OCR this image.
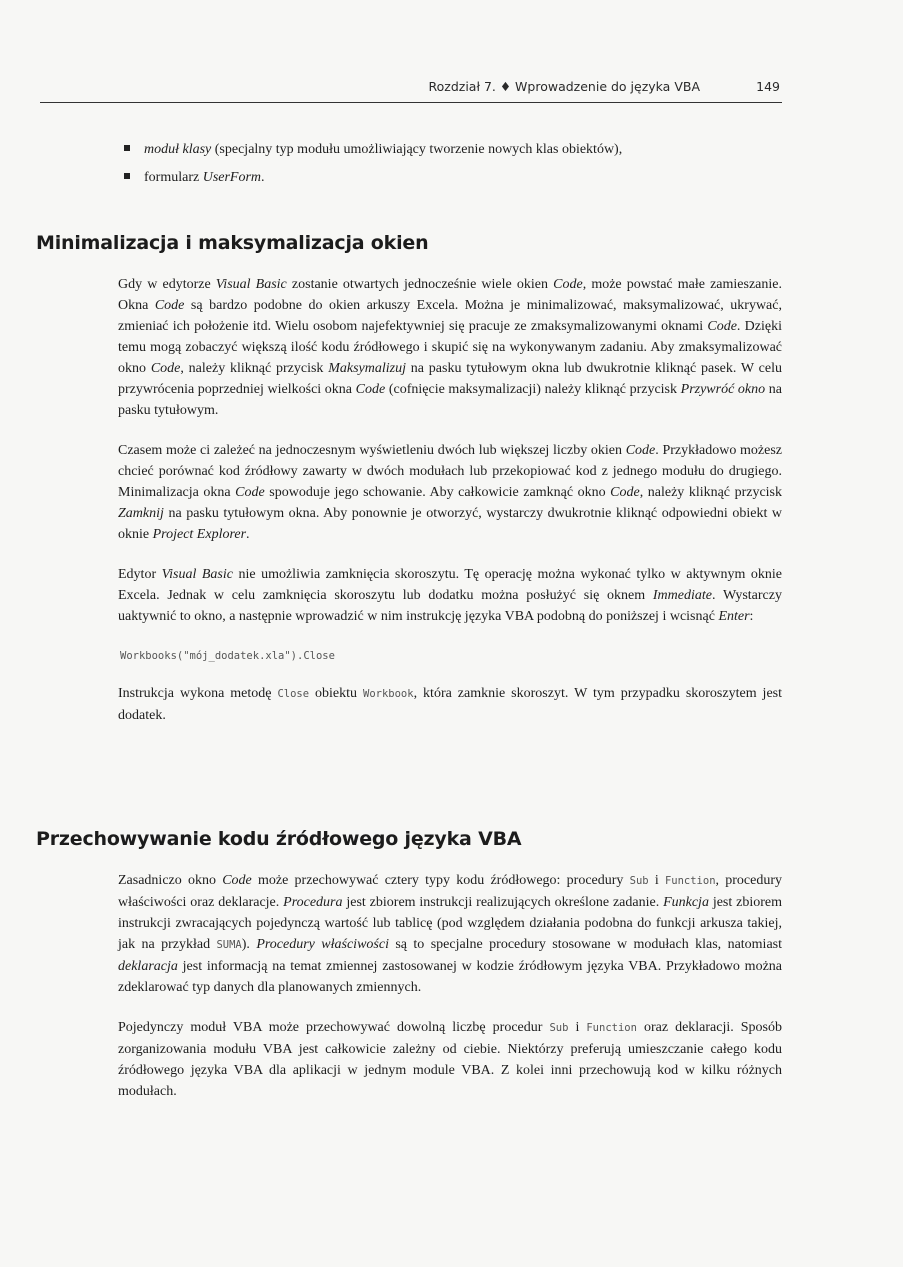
Rozdział 7. ♦ Wprowadzenie do języka VBA	149
moduł klasy (specjalny typ modułu umożliwiający tworzenie nowych klas obiektów),
formularz UserForm.
Minimalizacja i maksymalizacja okien

Gdy w edytorze Visual Basic zostanie otwartych jednocześnie wiele okien Code, może powstać małe zamieszanie. Okna Code są bardzo podobne do okien arkuszy Excela. Można je minimalizować, maksymalizować, ukrywać, zmieniać ich położenie itd. Wielu osobom najefektywniej się pracuje ze zmaksymalizowanymi oknami Code. Dzięki temu mogą zobaczyć większą ilość kodu źródłowego i skupić się na wykonywanym zadaniu. Aby zmaksymalizować okno Code, należy kliknąć przycisk Maksymalizuj na pasku tytułowym okna lub dwukrotnie kliknąć pasek. W celu przywrócenia poprzedniej wielkości okna Code (cofnięcie maksymalizacji) należy kliknąć przycisk Przywróć okno na pasku tytułowym.

Czasem może ci zależeć na jednoczesnym wyświetleniu dwóch lub większej liczby okien Code. Przykładowo możesz chcieć porównać kod źródłowy zawarty w dwóch modułach lub przekopiować kod z jednego modułu do drugiego. Minimalizacja okna Code spowoduje jego schowanie. Aby całkowicie zamknąć okno Code, należy kliknąć przycisk Zamknij na pasku tytułowym okna. Aby ponownie je otworzyć, wystarczy dwukrotnie kliknąć odpowiedni obiekt w oknie Project Explorer.

Edytor Visual Basic nie umożliwia zamknięcia skoroszytu. Tę operację można wykonać tylko w aktywnym oknie Excela. Jednak w celu zamknięcia skoroszytu lub dodatku można posłużyć się oknem Immediate. Wystarczy uaktywnić to okno, a następnie wprowadzić w nim instrukcję języka VBA podobną do poniższej i wcisnąć Enter:

Workbooks("mój_dodatek.xla").Close

Instrukcja wykona metodę Close obiektu Workbook, która zamknie skoroszyt. W tym przypadku skoroszytem jest dodatek.

Przechowywanie kodu źródłowego języka VBA

Zasadniczo okno Code może przechowywać cztery typy kodu źródłowego: procedury Sub i Function, procedury właściwości oraz deklaracje. Procedura jest zbiorem instrukcji realizujących określone zadanie. Funkcja jest zbiorem instrukcji zwracających pojedynczą wartość lub tablicę (pod względem działania podobna do funkcji arkusza takiej, jak na przykład SUMA). Procedury właściwości są to specjalne procedury stosowane w modułach klas, natomiast deklaracja jest informacją na temat zmiennej zastosowanej w kodzie źródłowym języka VBA. Przykładowo można zdeklarować typ danych dla planowanych zmiennych.

Pojedynczy moduł VBA może przechowywać dowolną liczbę procedur Sub i Function oraz deklaracji. Sposób zorganizowania modułu VBA jest całkowicie zależny od ciebie. Niektórzy preferują umieszczanie całego kodu źródłowego języka VBA dla aplikacji w jednym module VBA. Z kolei inni przechowują kod w kilku różnych modułach.
